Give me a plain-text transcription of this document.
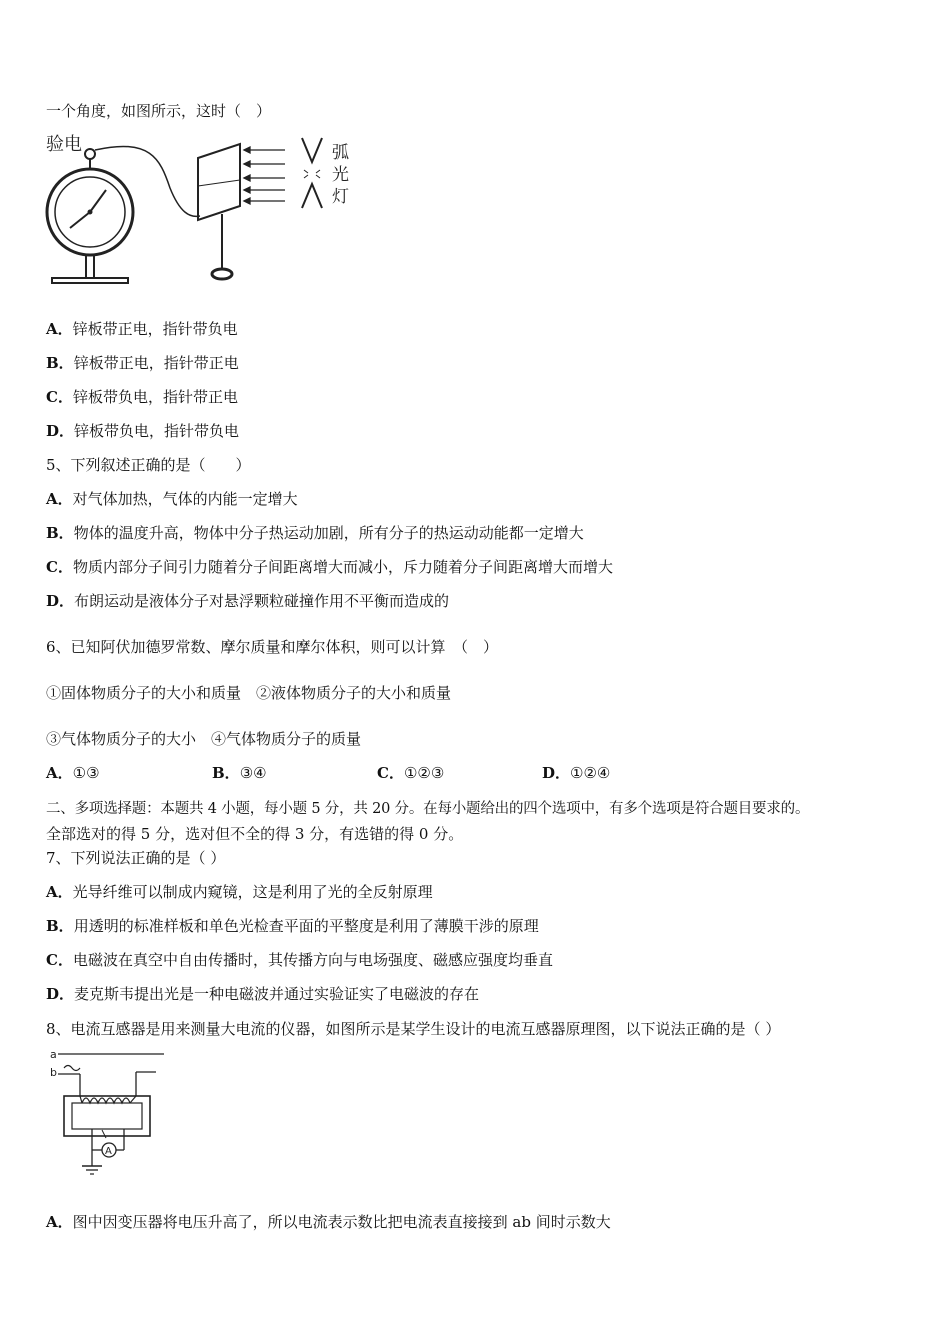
一个角度，如图所示，这时（　）
验电	弧
光
灯
A．锌板带正电，指针带负电
B．锌板带正电，指针带正电
C．锌板带负电，指针带正电
D．锌板带负电，指针带负电
5、下列叙述正确的是（　　）
A．对气体加热，气体的内能一定增大
B．物体的温度升高，物体中分子热运动加剧，所有分子的热运动动能都一定增大
C．物质内部分子间引力随着分子间距离增大而减小，斥力随着分子间距离增大而增大
D．布朗运动是液体分子对悬浮颗粒碰撞作用不平衡而造成的
6、已知阿伏加德罗常数、摩尔质量和摩尔体积，则可以计算　（　）
①固体物质分子的大小和质量　②液体物质分子的大小和质量
③气体物质分子的大小　④气体物质分子的质量
A．①③	B．③④	C．①②③	D．①②④
二、多项选择题：本题共 4 小题，每小题 5 分，共 20 分。在每小题给出的四个选项中，有多个选项是符合题目要求的。
全部选对的得 5 分，选对但不全的得 3 分，有选错的得 0 分。
7、下列说法正确的是（ ）
A．光导纤维可以制成内窥镜，这是利用了光的全反射原理
B．用透明的标准样板和单色光检查平面的平整度是利用了薄膜干涉的原理
C．电磁波在真空中自由传播时，其传播方向与电场强度、磁感应强度均垂直
D．麦克斯韦提出光是一种电磁波并通过实验证实了电磁波的存在
8、电流互感器是用来测量大电流的仪器，如图所示是某学生设计的电流互感器原理图，以下说法正确的是（ ）
a
b
A
A．图中因变压器将电压升高了，所以电流表示数比把电流表直接接到 ab 间时示数大
